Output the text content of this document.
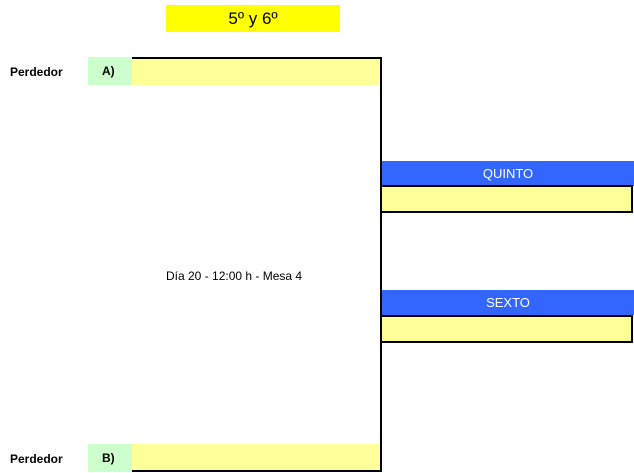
5º y 6º
Perdedor	A)
Perdedor	B)
Día 20 - 12:00 h - Mesa 4
QUINTO
SEXTO
